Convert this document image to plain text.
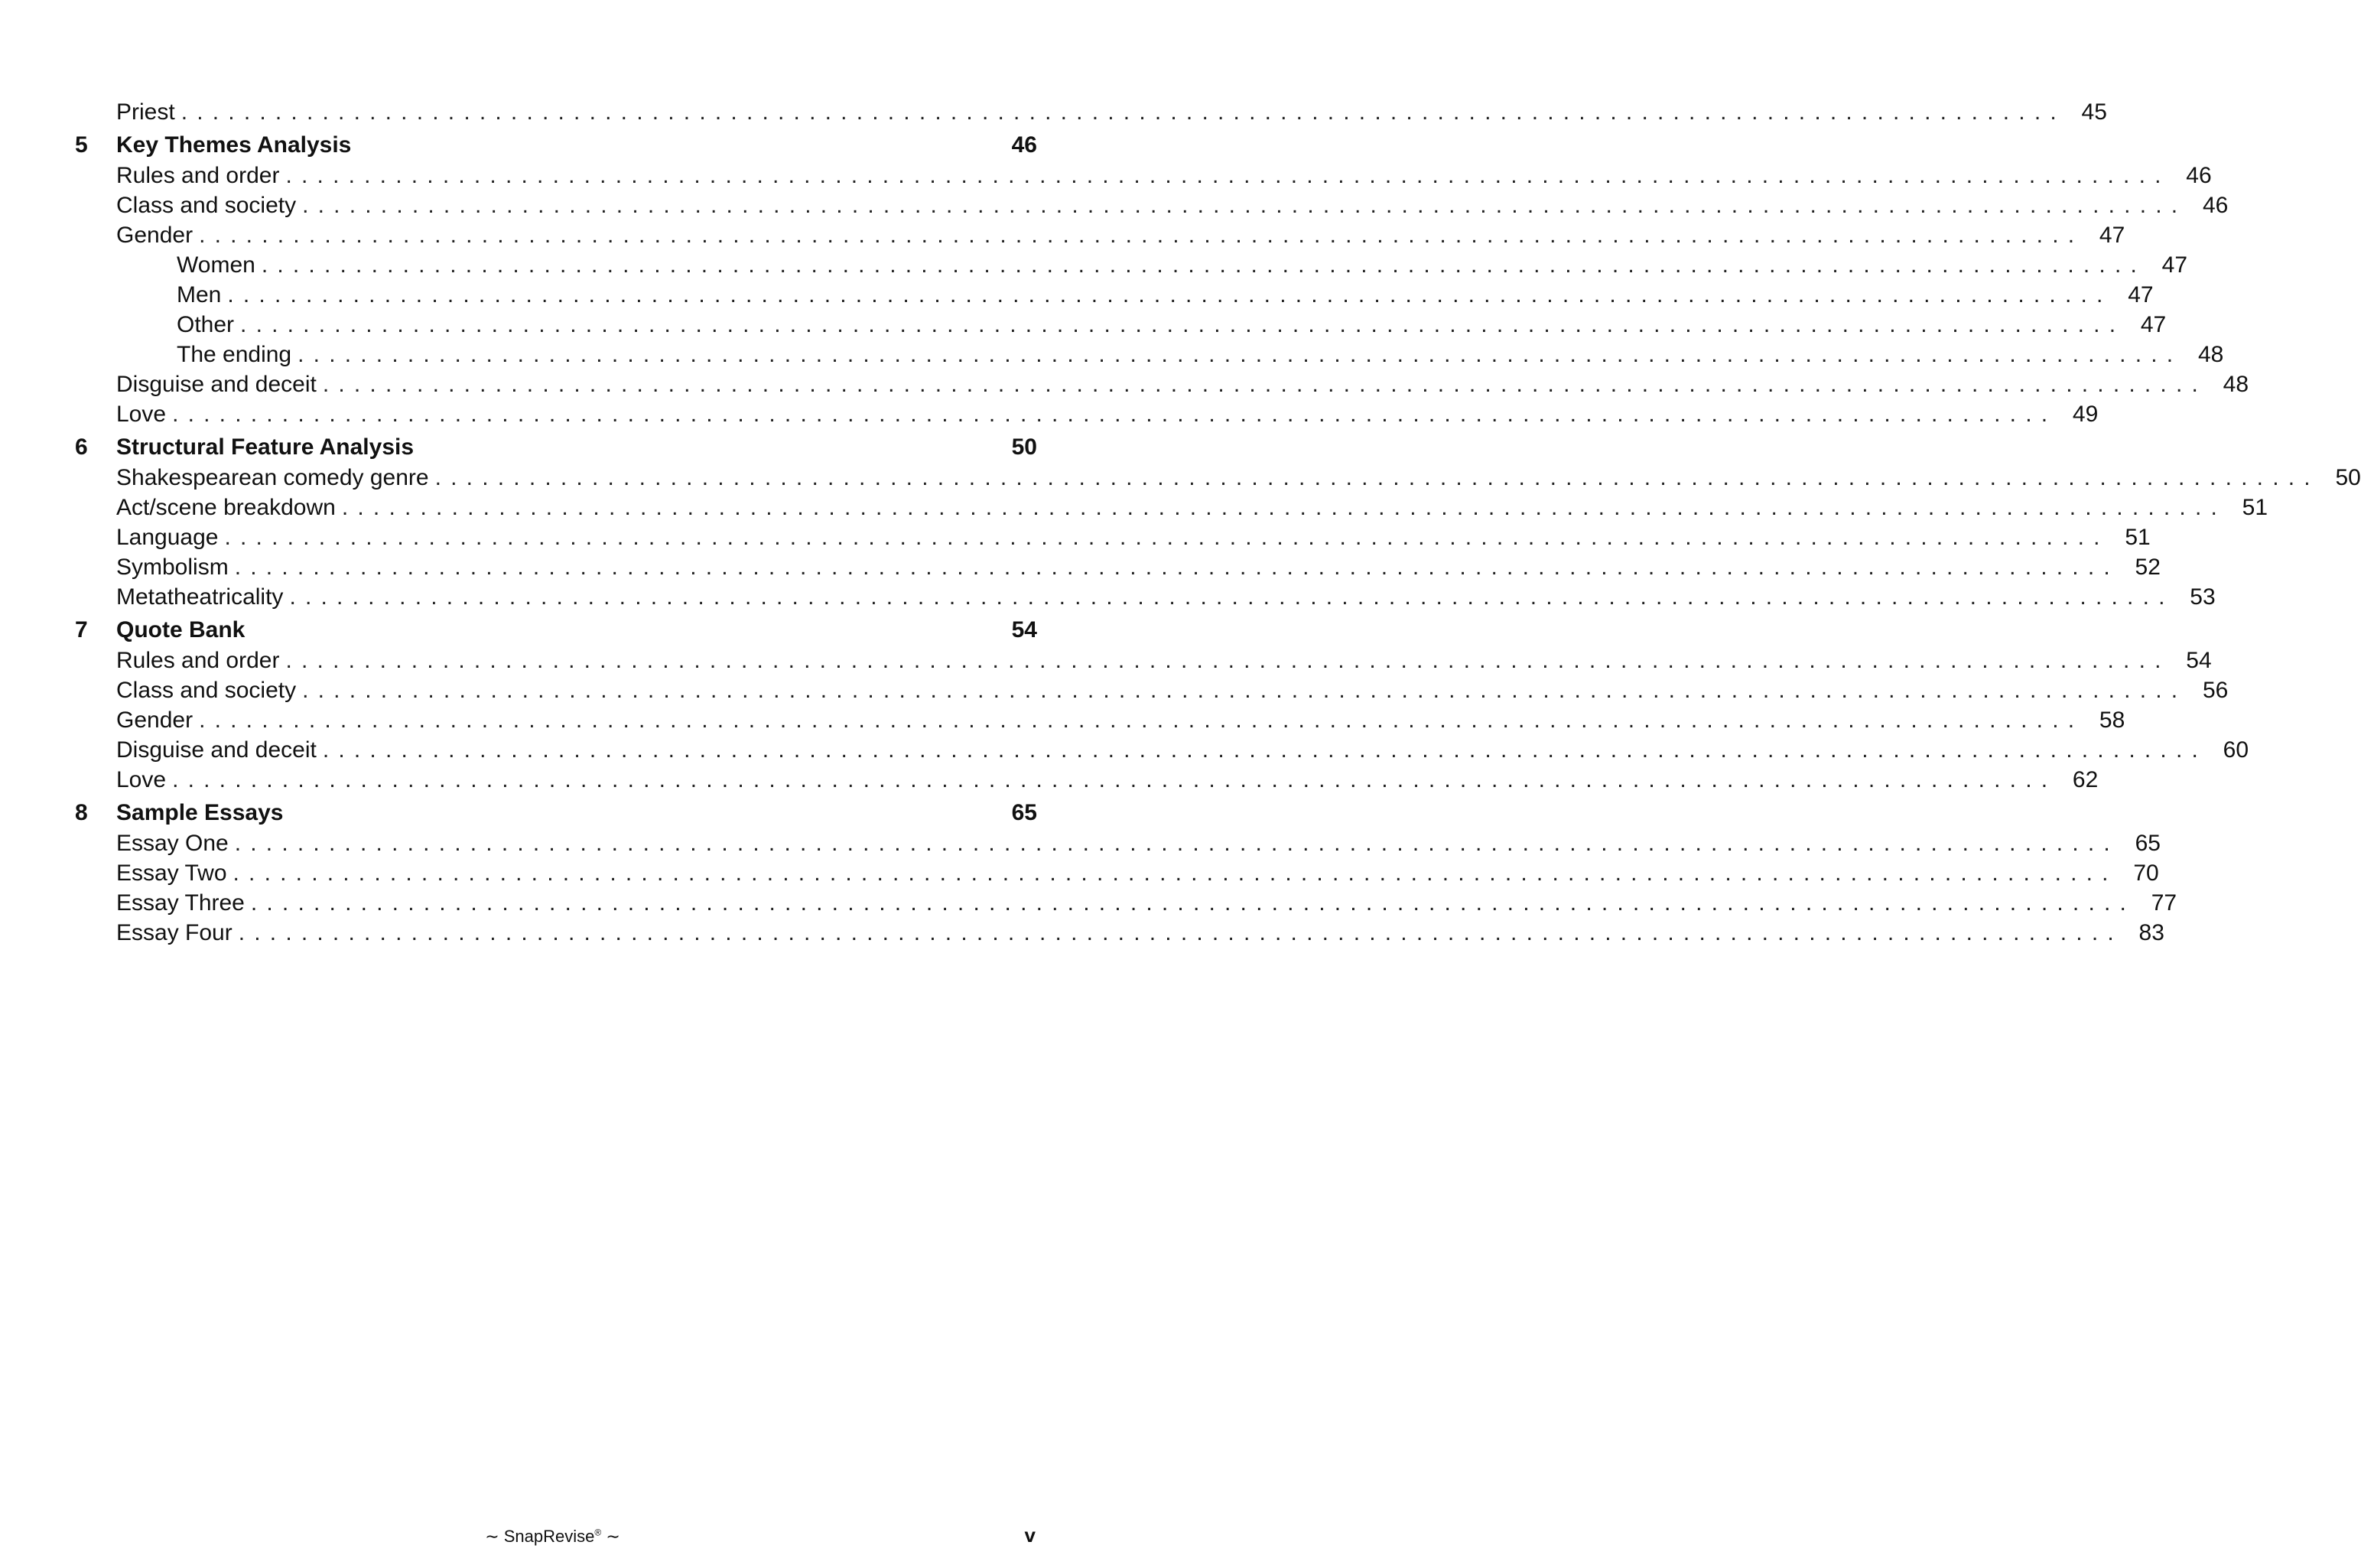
Priest ........................................................................................................................ 45
5	Key Themes Analysis	46
Rules and order ........................................................................................................................ 46
Class and society ........................................................................................................................ 46
Gender ........................................................................................................................ 47
Women ........................................................................................................................ 47
Men ........................................................................................................................ 47
Other ........................................................................................................................ 47
The ending ........................................................................................................................ 48
Disguise and deceit ........................................................................................................................ 48
Love ........................................................................................................................ 49
6	Structural Feature Analysis	50
Shakespearean comedy genre ........................................................................................................................ 50
Act/scene breakdown ........................................................................................................................ 51
Language ........................................................................................................................ 51
Symbolism ........................................................................................................................ 52
Metatheatricality ........................................................................................................................ 53
7	Quote Bank	54
Rules and order ........................................................................................................................ 54
Class and society ........................................................................................................................ 56
Gender ........................................................................................................................ 58
Disguise and deceit ........................................................................................................................ 60
Love ........................................................................................................................ 62
8	Sample Essays	65
Essay One ........................................................................................................................ 65
Essay Two ........................................................................................................................ 70
Essay Three ........................................................................................................................ 77
Essay Four ........................................................................................................................ 83
∼ SnapRevise® ∼	v
